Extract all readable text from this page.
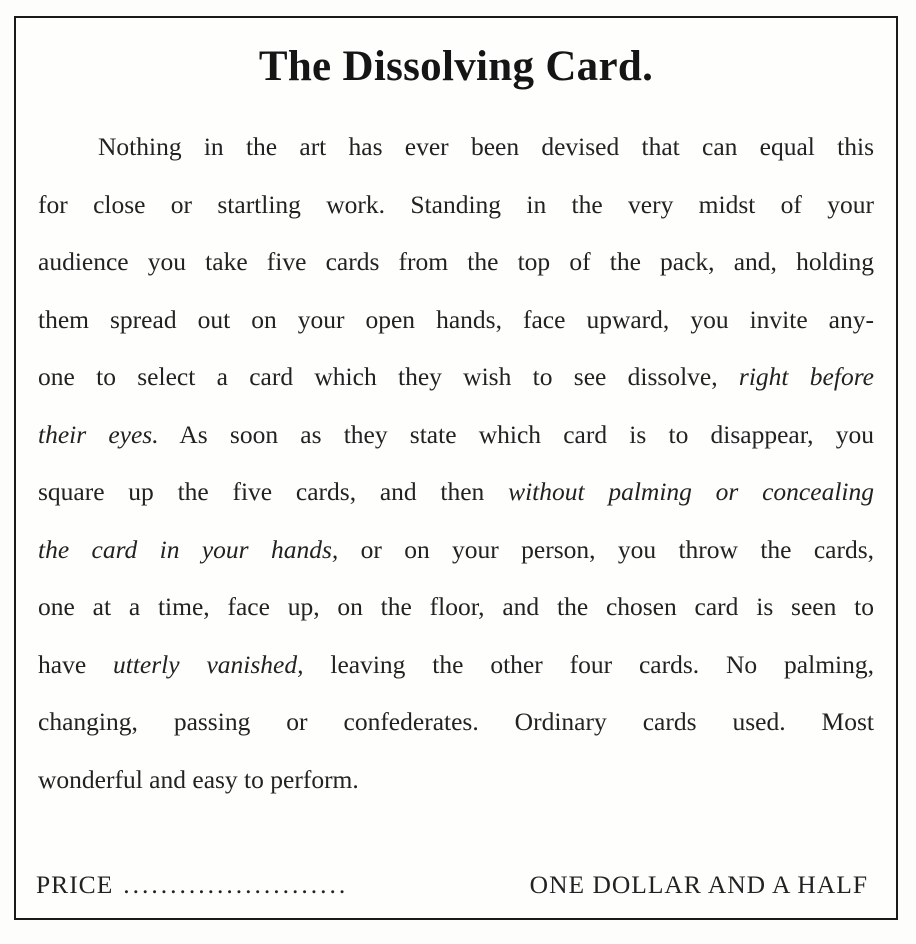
The Dissolving Card.
Nothing in the art has ever been devised that can equal this
for close or startling work. Standing in the very midst of your
audience you take five cards from the top of the pack, and, holding
them spread out on your open hands, face upward, you invite any-
one to select a card which they wish to see dissolve, right before
their eyes. As soon as they state which card is to disappear, you
square up the five cards, and then without palming or concealing
the card in your hands, or on your person, you throw the cards,
one at a time, face up, on the floor, and the chosen card is seen to
have utterly vanished, leaving the other four cards. No palming,
changing, passing or confederates. Ordinary cards used. Most
wonderful and easy to perform.
PRICE ........................	ONE DOLLAR AND A HALF
